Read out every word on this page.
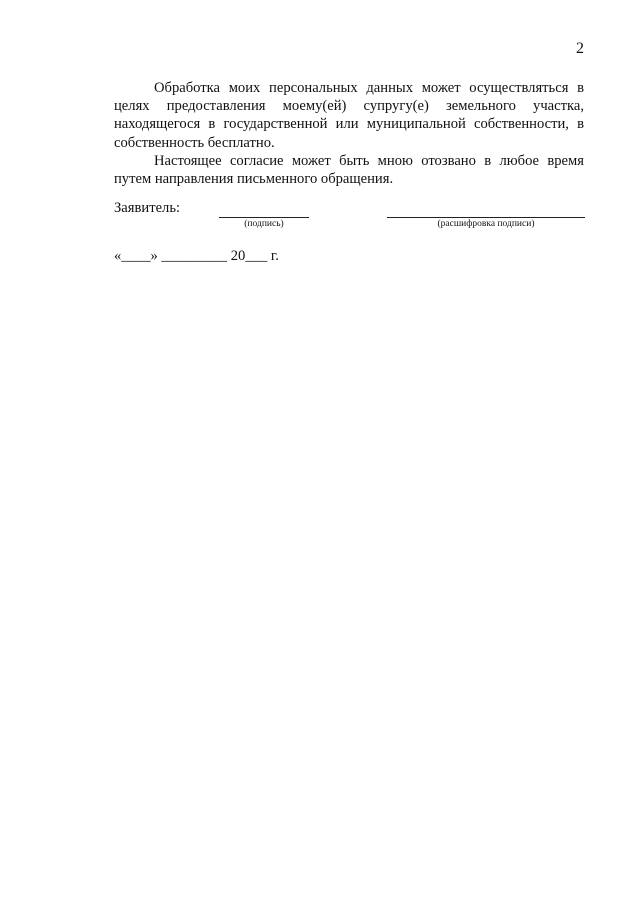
2

Обработка моих персональных данных может осуществляться в целях предоставления моему(ей) супругу(е) земельного участка, находящегося в государственной или муниципальной собственности, в собственность бесплатно.

Настоящее согласие может быть мною отозвано в любое время путем направления письменного обращения.

Заявитель:
(подпись)	(расшифровка подписи)
«____» _________ 20___ г.
